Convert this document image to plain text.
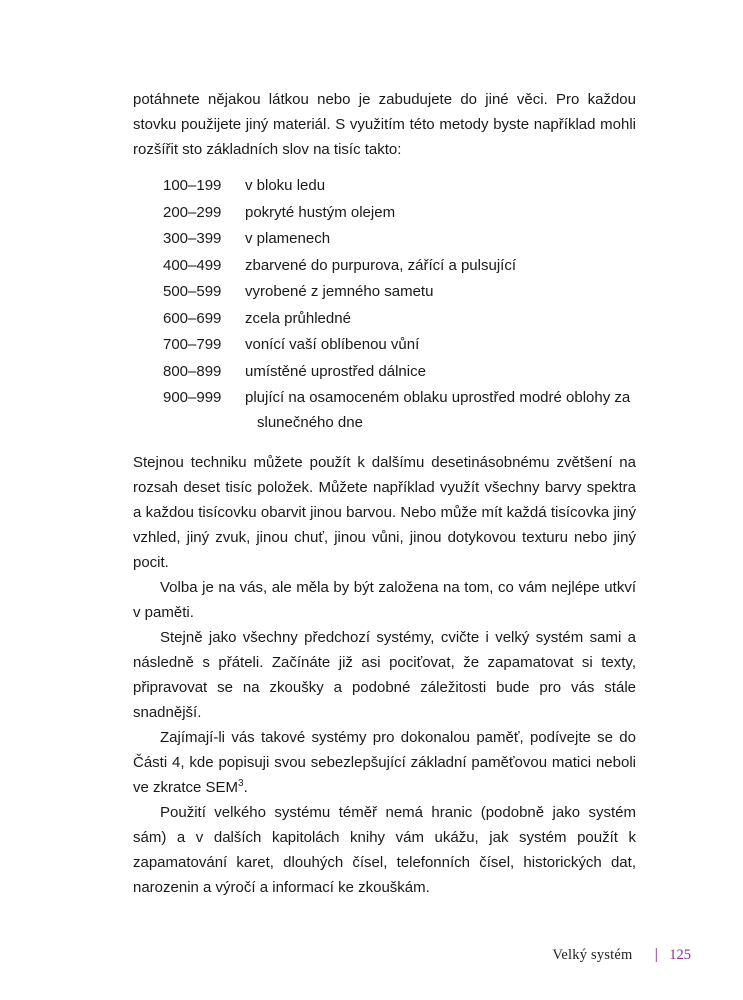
potáhnete nějakou látkou nebo je zabudujete do jiné věci. Pro každou stovku použijete jiný materiál. S využitím této metody byste například mohli rozšířit sto základních slov na tisíc takto:

100–199	v bloku ledu
200–299	pokryté hustým olejem
300–399	v plamenech
400–499	zbarvené do purpurova, zářící a pulsující
500–599	vyrobené z jemného sametu
600–699	zcela průhledné
700–799	vonící vaší oblíbenou vůní
800–899	umístěné uprostřed dálnice
900–999	plující na osamoceném oblaku uprostřed modré oblohy za slunečného dne

Stejnou techniku můžete použít k dalšímu desetinásobnému zvětšení na rozsah deset tisíc položek. Můžete například využít všechny barvy spektra a každou tisícovku obarvit jinou barvou. Nebo může mít každá tisícovka jiný vzhled, jiný zvuk, jinou chuť, jinou vůni, jinou dotykovou texturu nebo jiný pocit.

Volba je na vás, ale měla by být založena na tom, co vám nejlépe utkví v paměti.

Stejně jako všechny předchozí systémy, cvičte i velký systém sami a následně s přáteli. Začínáte již asi pociťovat, že zapamatovat si texty, připravovat se na zkoušky a podobné záležitosti bude pro vás stále snadnější.

Zajímají-li vás takové systémy pro dokonalou paměť, podívejte se do Části 4, kde popisuji svou sebezlepšující základní paměťovou matici neboli ve zkratce SEM$^3$.

Použití velkého systému téměř nemá hranic (podobně jako systém sám) a v dalších kapitolách knihy vám ukážu, jak systém použít k zapamatování karet, dlouhých čísel, telefonních čísel, historických dat, narozenin a výročí a informací ke zkouškám.

Velký systém | 125
